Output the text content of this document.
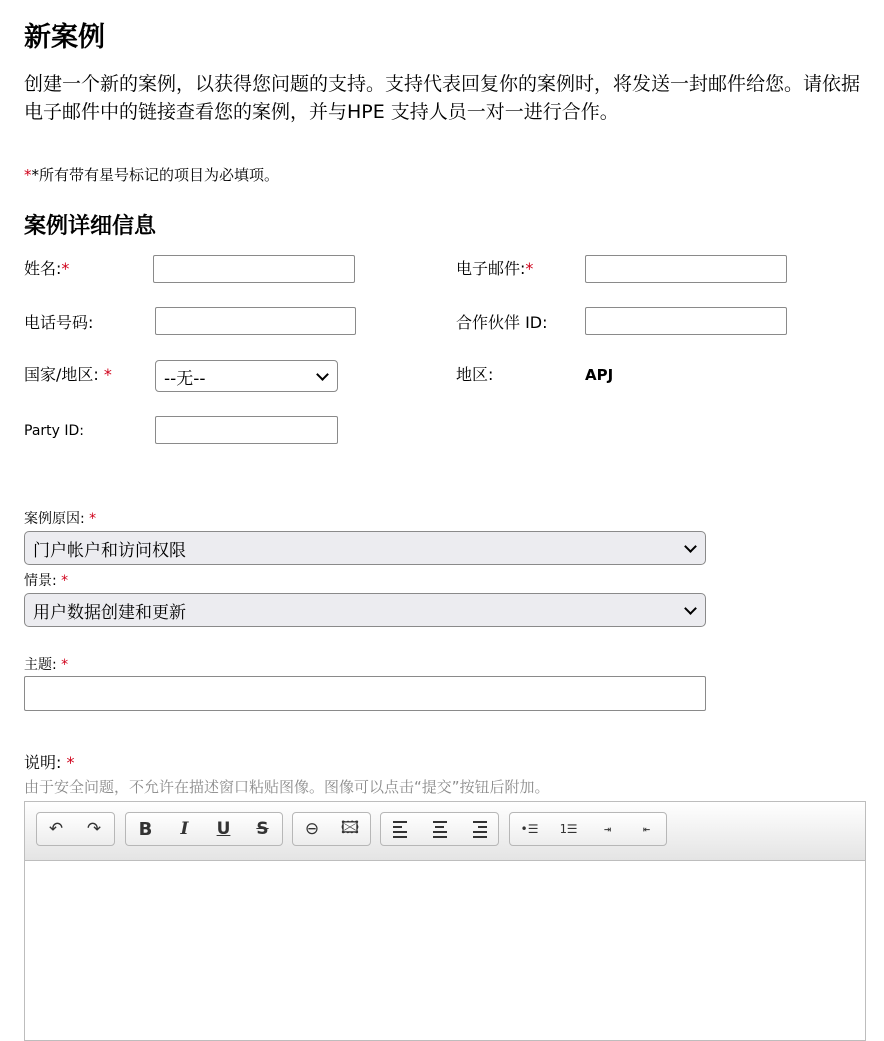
新案例
创建一个新的案例，以获得您问题的支持。支持代表回复你的案例时，将发送一封邮件给您。请依据电子邮件中的链接查看您的案例，并与HPE 支持人员一对一进行合作。
**所有带有星号标记的项目为必填项。
案例详细信息
姓名:*	电子邮件:*
电话号码:	合作伙伴 ID:
国家/地区: *	--无--	地区:	APJ
Party ID:
案例原因: *
门户帐户和访问权限
情景: *
用户数据创建和更新
主题: *
说明: *
由于安全问题，不允许在描述窗口粘贴图像。图像可以点击“提交”按钮后附加。
↶ ↷	B	I	U	S	⊖ 🖾	•☰ 1☰ ⇥	⇤
